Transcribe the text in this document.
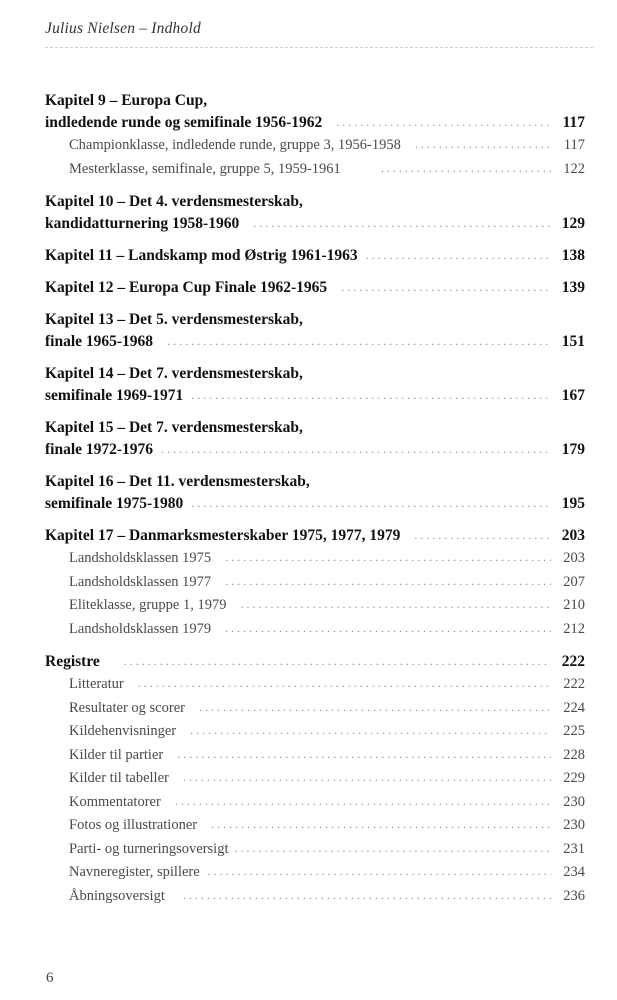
Julius Nielsen – Indhold
Kapitel 9 – Europa Cup,
indledende runde og semifinale 1956-1962 . . .	117
Championklasse, indledende runde, gruppe 3, 1956-1958 . . .	117
Mesterklasse, semifinale, gruppe 5, 1959-1961 . . .	122
Kapitel 10 – Det 4. verdensmesterskab,
kandidatturnering 1958-1960 . . .	129
Kapitel 11 – Landskamp mod Østrig 1961-1963 . . .	138
Kapitel 12 – Europa Cup Finale 1962-1965 . . .	139
Kapitel 13 – Det 5. verdensmesterskab,
finale 1965-1968 . . .	151
Kapitel 14 – Det 7. verdensmesterskab,
semifinale 1969-1971 . . .	167
Kapitel 15 – Det 7. verdensmesterskab,
finale 1972-1976 . . .	179
Kapitel 16 – Det 11. verdensmesterskab,
semifinale 1975-1980 . . .	195
Kapitel 17 – Danmarksmesterskaber 1975, 1977, 1979 . . .	203
Landsholdsklassen 1975 . . .	203
Landsholdsklassen 1977 . . .	207
Eliteklasse, gruppe 1, 1979 . . .	210
Landsholdsklassen 1979 . . .	212
Registre . . .	222
Litteratur . . .	222
Resultater og scorer . . .	224
Kildehenvisninger . . .	225
Kilder til partier . . .	228
Kilder til tabeller . . .	229
Kommentatorer . . .	230
Fotos og illustrationer . . .	230
Parti- og turneringsoversigt . . .	231
Navneregister, spillere . . .	234
Åbningsoversigt . . .	236
6
